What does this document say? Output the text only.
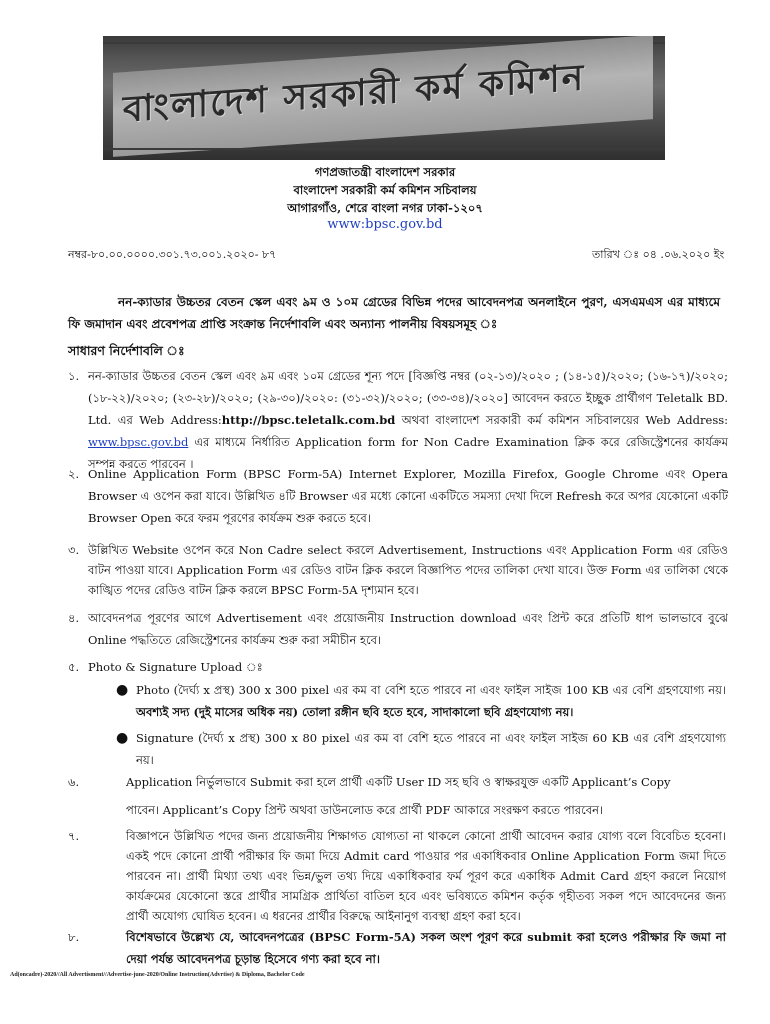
বাংলাদেশ সরকারী কর্ম কমিশন
গণপ্রজাতন্ত্রী বাংলাদেশ সরকার
বাংলাদেশ সরকারী কর্ম কমিশন সচিবালয়
আগারগাঁও, শেরে বাংলা নগর ঢাকা-১২০৭
www:bpsc.gov.bd
নম্বর-৮০.০০.০০০০.৩০১.৭৩.০০১.২০২০- ৮৭	তারিখ ঃ ০৪ .০৬.২০২০ ইং
নন-ক্যাডার উচ্চতর বেতন স্কেল এবং ৯ম ও ১০ম গ্রেডের বিভিন্ন পদের আবেদনপত্র অনলাইনে পুরণ, এসএমএস এর মাধ্যমে ফি জমাদান এবং প্রবেশপত্র প্রাপ্তি সংক্রান্ত নির্দেশাবলি এবং অন্যান্য পালনীয় বিষয়সমূহ ঃ
সাধারণ নির্দেশাবলি ঃ
১. নন-ক্যাডার উচ্চতর বেতন স্কেল এবং ৯ম এবং ১০ম গ্রেডের শূন্য পদে [বিজ্ঞপ্তি নম্বর (০২-১৩)/২০২০ ; (১৪-১৫)/২০২০; (১৬-১৭)/২০২০; (১৮-২২)/২০২০; (২৩-২৮)/২০২০; (২৯-৩০)/২০২০: (৩১-৩২)/২০২০; (৩৩-৩৪)/২০২০] আবেদন করতে ইচ্ছুক প্রার্থীগণ Teletalk BD. Ltd. এর Web Address:http://bpsc.teletalk.com.bd অথবা বাংলাদেশ সরকারী কর্ম কমিশন সচিবালয়ের Web Address: www.bpsc.gov.bd এর মাধ্যমে নির্ধারিত Application form for Non Cadre Examination ক্লিক করে রেজিস্ট্রেশনের কার্যক্রম সম্পন্ন করতে পারবেন ।

২. Online Application Form (BPSC Form-5A) Internet Explorer, Mozilla Firefox, Google Chrome এবং Opera Browser এ ওপেন করা যাবে। উল্লিখিত ৪টি Browser এর মধ্যে কোনো একটিতে সমস্যা দেখা দিলে Refresh করে অপর যেকোনো একটি Browser Open করে ফরম পূরণের কার্যক্রম শুরু করতে হবে।

৩. উল্লিখিত Website ওপেন করে Non Cadre select করলে Advertisement, Instructions এবং Application Form এর রেডিও বাটন পাওয়া যাবে। Application Form এর রেডিও বাটন ক্লিক করলে বিজ্ঞাপিত পদের তালিকা দেখা যাবে। উক্ত Form এর তালিকা থেকে কাঙ্খিত পদের রেডিও বাটন ক্লিক করলে BPSC Form-5A দৃশ্যমান হবে।

৪. আবেদনপত্র পূরণের আগে Advertisement এবং প্রয়োজনীয় Instruction download এবং প্রিন্ট করে প্রতিটি ধাপ ভালভাবে বুঝে Online পদ্ধতিতে রেজিস্ট্রেশনের কার্যক্রম শুরু করা সমীচীন হবে।

৫. Photo & Signature Upload ঃ

● Photo (দৈর্ঘ্য x প্রস্থ) 300 x 300 pixel এর কম বা বেশি হতে পারবে না এবং ফাইল সাইজ 100 KB এর বেশি গ্রহণযোগ্য নয়। অবশ্যই সদ্য (দুই মাসের অধিক নয়) তোলা রঙ্গীন ছবি হতে হবে, সাদাকালো ছবি গ্রহণযোগ্য নয়।
● Signature (দৈর্ঘ্য x প্রস্থ) 300 x 80 pixel এর কম বা বেশি হতে পারবে না এবং ফাইল সাইজ 60 KB এর বেশি গ্রহণযোগ্য নয়।
৬.	Application নির্ভুলভাবে Submit করা হলে প্রার্থী একটি User ID সহ ছবি ও স্বাক্ষরযুক্ত একটি Applicant’s Copy

পাবেন। Applicant’s Copy প্রিন্ট অথবা ডাউনলোড করে প্রার্থী PDF আকারে সংরক্ষণ করতে পারবেন।

৭.	বিজ্ঞাপনে উল্লিখিত পদের জন্য প্রয়োজনীয় শিক্ষাগত যোগ্যতা না থাকলে কোনো প্রার্থী আবেদন করার যোগ্য বলে বিবেচিত হবেনা। একই পদে কোনো প্রার্থী পরীক্ষার ফি জমা দিয়ে Admit card পাওয়ার পর একাধিকবার Online Application Form জমা দিতে পারবেন না। প্রার্থী মিথ্যা তথ্য এবং ভিন্ন/ভুল তথ্য দিয়ে একাধিকবার ফর্ম পূরণ করে একাধিক Admit Card গ্রহণ করলে নিয়োগ কার্যক্রমের যেকোনো স্তরে প্রার্থীর সামগ্রিক প্রার্থিতা বাতিল হবে এবং ভবিষ্যতে কমিশন কর্তৃক গৃহীতব্য সকল পদে আবেদনের জন্য প্রার্থী অযোগ্য ঘোষিত হবেন। এ ধরনের প্রার্থীর বিরুদ্ধে আইনানুগ ব্যবস্থা গ্রহণ করা হবে।

৮.	বিশেষভাবে উল্লেখ্য যে, আবেদনপত্রের (BPSC Form-5A) সকল অংশ পূরণ করে submit করা হলেও পরীক্ষার ফি জমা না দেয়া পর্যন্ত আবেদনপত্র চূড়ান্ত হিসেবে গণ্য করা হবে না।

Ad(oncadre)-2020//All Advertisment//Advertise-june-2020/Online Instruction(Advrtise) & Diploma, Bachelor Code
